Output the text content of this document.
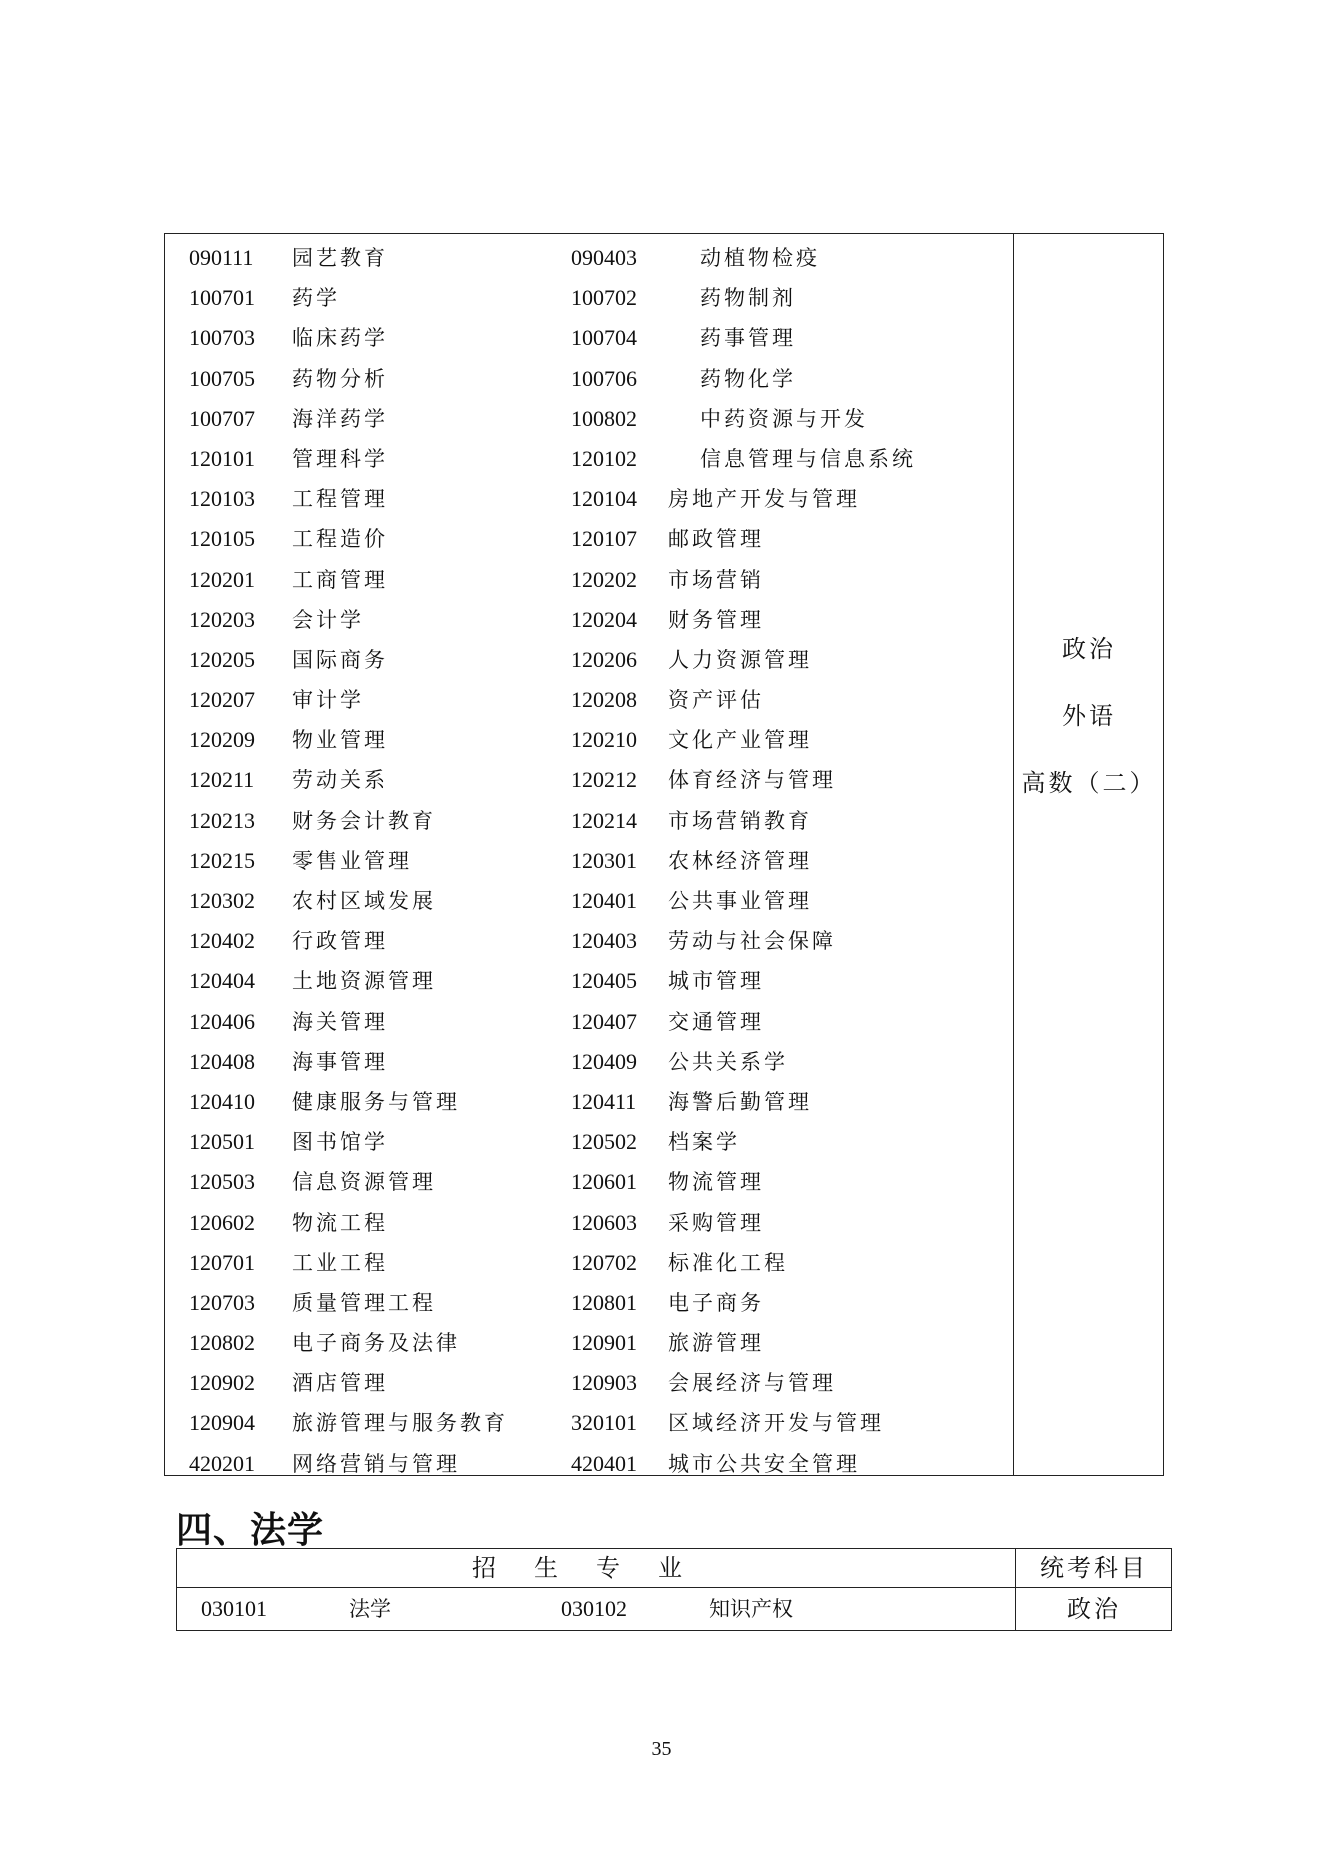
090111 园艺教育	090403	动植物检疫
100701 药学	100702	药物制剂
100703 临床药学	100704	药事管理
100705 药物分析	100706	药物化学
100707 海洋药学	100802	中药资源与开发
120101 管理科学	120102	信息管理与信息系统
120103 工程管理	120104 房地产开发与管理
120105 工程造价	120107 邮政管理
120201 工商管理	120202 市场营销
120203 会计学	120204 财务管理
120205 国际商务	120206 人力资源管理
120207 审计学	120208 资产评估
120209 物业管理	120210 文化产业管理
120211 劳动关系	120212 体育经济与管理
120213 财务会计教育	120214 市场营销教育
120215 零售业管理	120301 农林经济管理
120302 农村区域发展	120401 公共事业管理
120402 行政管理	120403 劳动与社会保障
120404 土地资源管理	120405 城市管理
120406 海关管理	120407 交通管理
120408 海事管理	120409 公共关系学
120410 健康服务与管理	120411 海警后勤管理
120501 图书馆学	120502 档案学
120503 信息资源管理	120601 物流管理
120602 物流工程	120603 采购管理
120701 工业工程	120702 标准化工程
120703 质量管理工程	120801 电子商务
120802 电子商务及法律	120901 旅游管理
120902 酒店管理	120903 会展经济与管理
120904 旅游管理与服务教育	320101 区域经济开发与管理
420201 网络营销与管理	420401 城市公共安全管理
政治
外语
高数（二）
四、法学
招生专业	统考科目
030101	法学	030102	知识产权	政治
35
